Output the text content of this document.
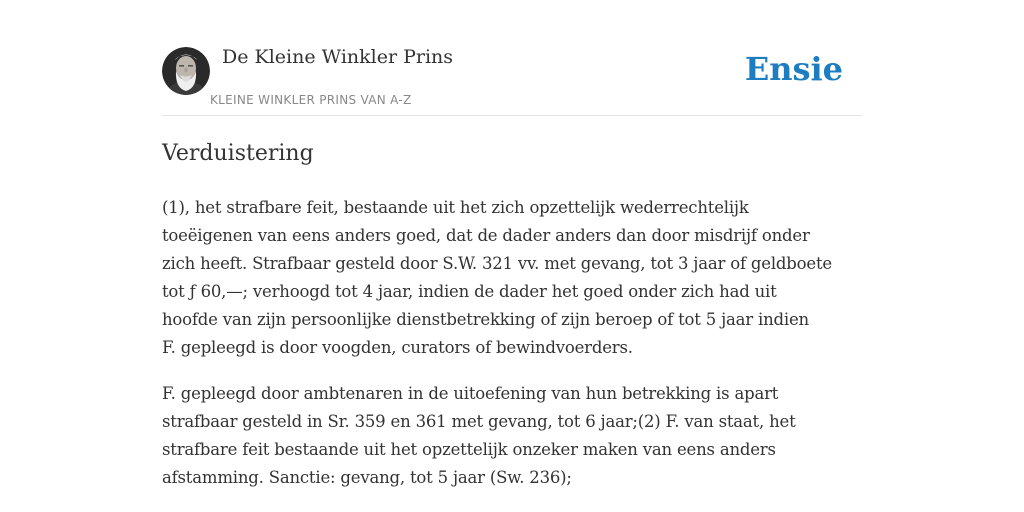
De Kleine Winkler Prins
KLEINE WINKLER PRINS VAN A-Z
Ensie
Verduistering

(1), het strafbare feit, bestaande uit het zich opzettelijk wederrechtelijk
toeëigenen van eens anders goed, dat de dader anders dan door misdrijf onder
zich heeft. Strafbaar gesteld door S.W. 321 vv. met gevang, tot 3 jaar of geldboete
tot ƒ 60,—; verhoogd tot 4 jaar, indien de dader het goed onder zich had uit
hoofde van zijn persoonlijke dienstbetrekking of zijn beroep of tot 5 jaar indien
F. gepleegd is door voogden, curators of bewindvoerders.

F. gepleegd door ambtenaren in de uitoefening van hun betrekking is apart
strafbaar gesteld in Sr. 359 en 361 met gevang, tot 6 jaar;(2) F. van staat, het
strafbare feit bestaande uit het opzettelijk onzeker maken van eens anders
afstamming. Sanctie: gevang, tot 5 jaar (Sw. 236);
